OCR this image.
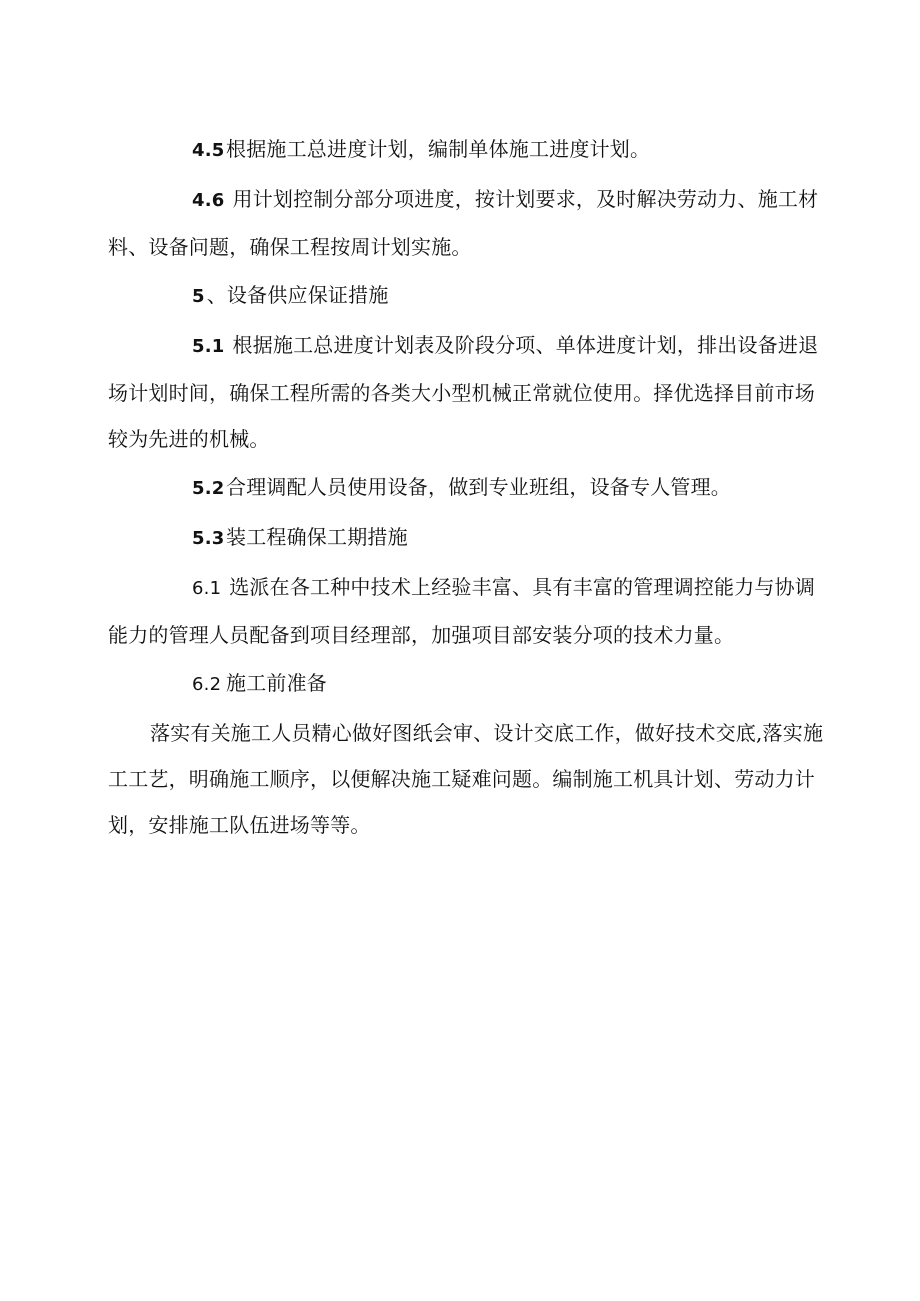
4.5根据施工总进度计划，编制单体施工进度计划。

4.6 用计划控制分部分项进度，按计划要求，及时解决劳动力、施工材料、设备问题，确保工程按周计划实施。

5 、设备供应保证措施

5.1 根据施工总进度计划表及阶段分项、单体进度计划，排出设备进退场计划时间，确保工程所需的各类大小型机械正常就位使用。择优选择目前市场较为先进的机械。

5.2合理调配人员使用设备，做到专业班组，设备专人管理。

5.3装工程确保工期措施

6.1 选派在各工种中技术上经验丰富、具有丰富的管理调控能力与协调能力的管理人员配备到项目经理部，加强项目部安装分项的技术力量。

6.2 施工前准备

落实有关施工人员精心做好图纸会审、设计交底工作，做好技术交底,落实施工工艺，明确施工顺序，以便解决施工疑难问题。编制施工机具计划、劳动力计划，安排施工队伍进场等等。
